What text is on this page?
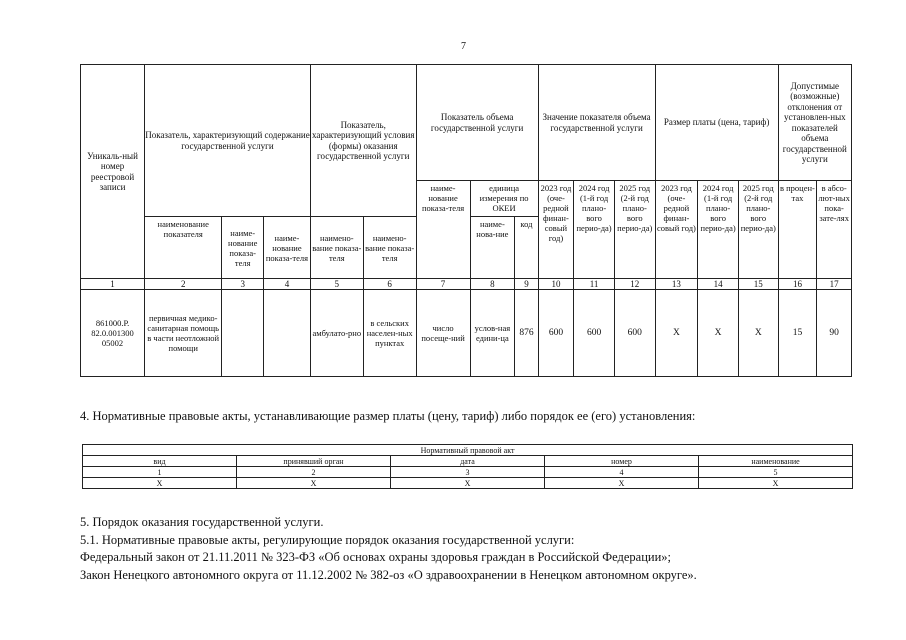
7
Уникаль-ный номер реестровой записи	Показатель, характеризующий содержание государственной услуги			Показатель, характеризующий условия (формы) оказания государственной услуги		Показатель объема государственной услуги			Значение показателя объема государственной услуги			Размер платы (цена, тариф)			Допустимые (возможные) отклонения от установлен-ных показателей объема государственной услуги	
						наиме-нование показа-теля	единица измерения по ОКЕИ		2023 год (оче-редной финан-совый год)	2024 год (1-й год плано-вого перио-да)	2025 год (2-й год плано-вого перио-да)	2023 год (оче-редной финан-совый год)	2024 год (1-й год плано-вого перио-да)	2025 год (2-й год плано-вого перио-да)	в процен-тах	в абсо-лют-ных пока-зате-лях
	наименование показателя	наиме-нование показа-теля	наиме-нование показа-теля	наимено-вание показа-теля	наимено-вание показа-теля		наиме-нова-ние	код								

1	2	3	4	5	6	7	8	9	10	11	12	13	14	15	16	17
861000.Р. 82.0.001300 05002	первичная медико-санитарная помощь в части неотложной помощи			амбулато-рно	в сельских населен-ных пунктах	число посеще-ний	услов-ная едини-ца	876	600	600	600	Х	Х	Х	15	90
4. Нормативные правовые акты, устанавливающие размер платы (цену, тариф) либо порядок ее (его) установления:
Нормативный правовой акт				
вид	принявший орган	дата	номер	наименование
1	2	3	4	5
Х	Х	Х	Х	Х
5. Порядок оказания государственной услуги.
5.1. Нормативные правовые акты, регулирующие порядок оказания государственной услуги:
Федеральный закон от 21.11.2011 № 323-ФЗ «Об основах охраны здоровья граждан в Российской Федерации»;
Закон Ненецкого автономного округа от 11.12.2002 № 382-оз «О здравоохранении в Ненецком автономном округе».
